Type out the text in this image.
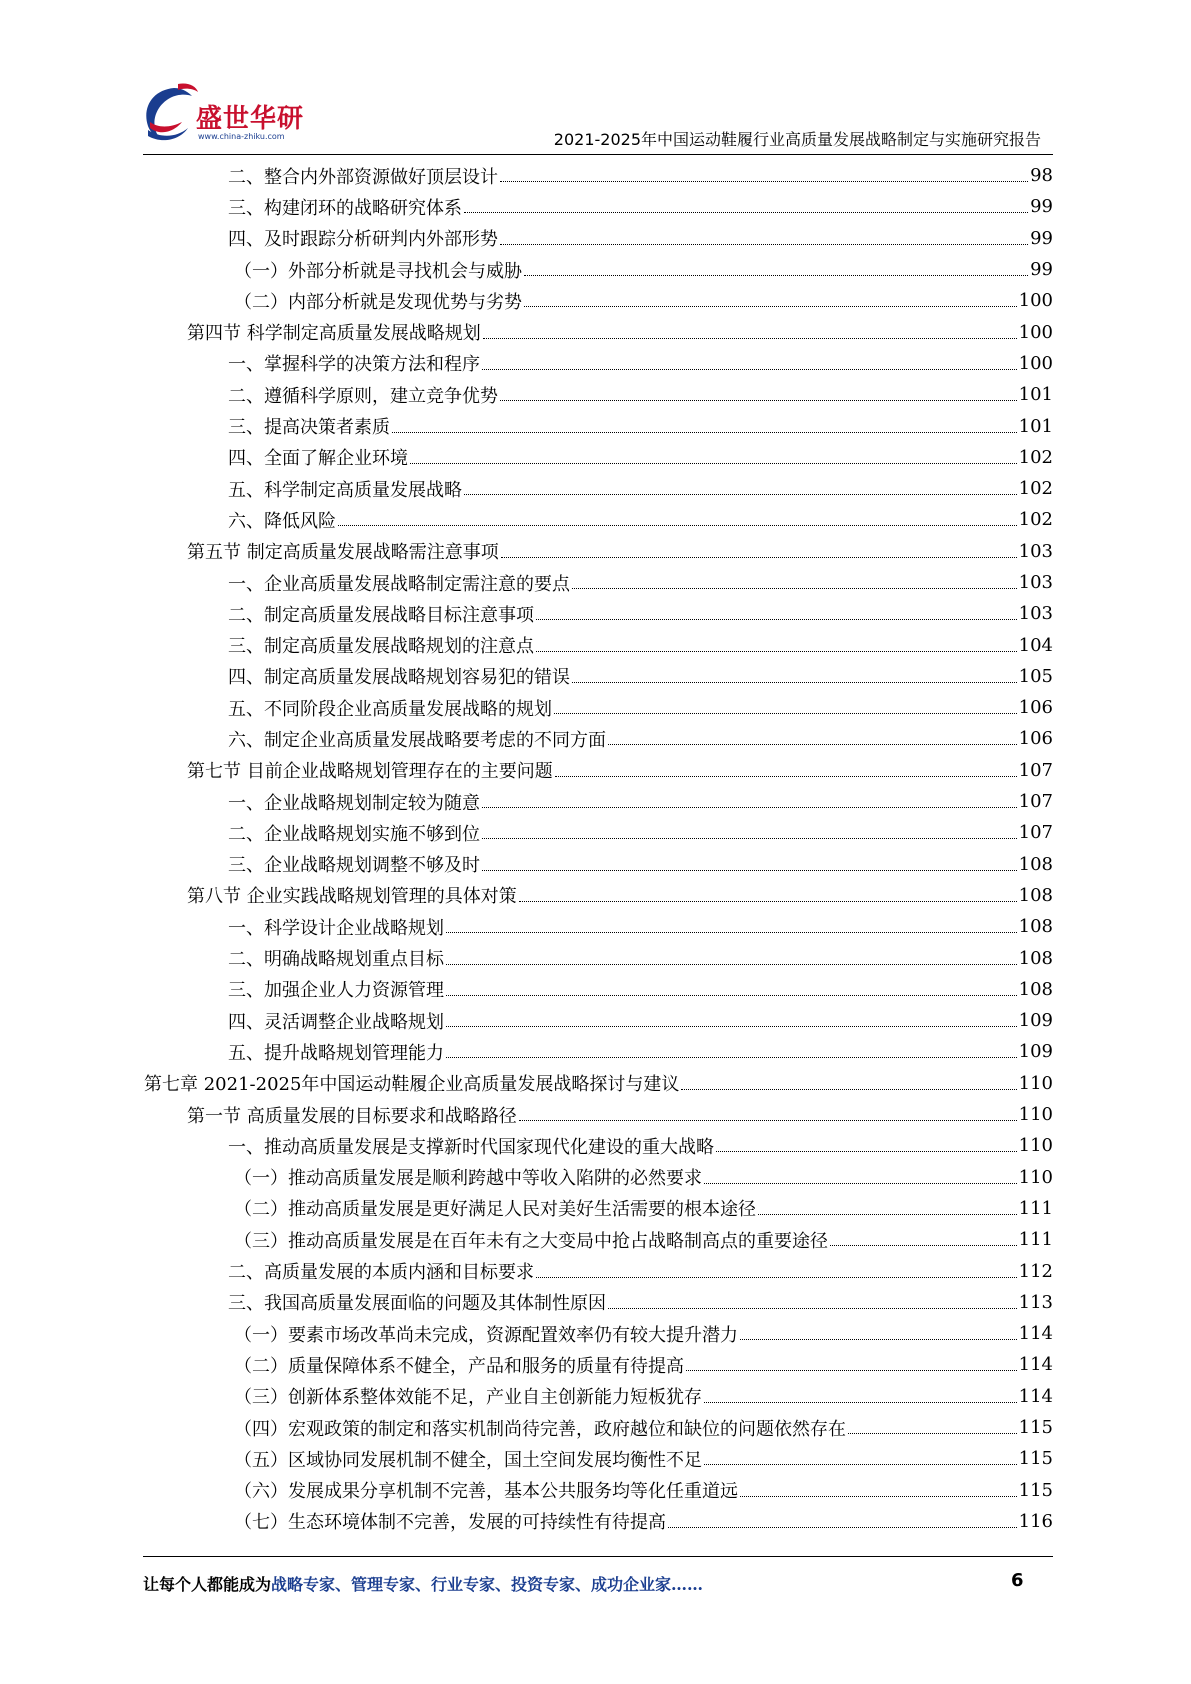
盛世华研
www.china-zhiku.com	2021-2025年中国运动鞋履行业高质量发展战略制定与实施研究报告
二、整合内外部资源做好顶层设计	98
三、构建闭环的战略研究体系	99
四、及时跟踪分析研判内外部形势	99
（一）外部分析就是寻找机会与威胁	99
（二）内部分析就是发现优势与劣势	100
第四节 科学制定高质量发展战略规划	100
一、掌握科学的决策方法和程序	100
二、遵循科学原则，建立竞争优势	101
三、提高决策者素质	101
四、全面了解企业环境	102
五、科学制定高质量发展战略	102
六、降低风险	102
第五节 制定高质量发展战略需注意事项	103
一、企业高质量发展战略制定需注意的要点	103
二、制定高质量发展战略目标注意事项	103
三、制定高质量发展战略规划的注意点	104
四、制定高质量发展战略规划容易犯的错误	105
五、不同阶段企业高质量发展战略的规划	106
六、制定企业高质量发展战略要考虑的不同方面	106
第七节 目前企业战略规划管理存在的主要问题	107
一、企业战略规划制定较为随意	107
二、企业战略规划实施不够到位	107
三、企业战略规划调整不够及时	108
第八节 企业实践战略规划管理的具体对策	108
一、科学设计企业战略规划	108
二、明确战略规划重点目标	108
三、加强企业人力资源管理	108
四、灵活调整企业战略规划	109
五、提升战略规划管理能力	109
第七章 2021-2025年中国运动鞋履企业高质量发展战略探讨与建议	110
第一节 高质量发展的目标要求和战略路径	110
一、推动高质量发展是支撑新时代国家现代化建设的重大战略	110
（一）推动高质量发展是顺利跨越中等收入陷阱的必然要求	110
（二）推动高质量发展是更好满足人民对美好生活需要的根本途径	111
（三）推动高质量发展是在百年未有之大变局中抢占战略制高点的重要途径	111
二、高质量发展的本质内涵和目标要求	112
三、我国高质量发展面临的问题及其体制性原因	113
（一）要素市场改革尚未完成，资源配置效率仍有较大提升潜力	114
（二）质量保障体系不健全，产品和服务的质量有待提高	114
（三）创新体系整体效能不足，产业自主创新能力短板犹存	114
（四）宏观政策的制定和落实机制尚待完善，政府越位和缺位的问题依然存在	115
（五）区域协同发展机制不健全，国土空间发展均衡性不足	115
（六）发展成果分享机制不完善，基本公共服务均等化任重道远	115
（七）生态环境体制不完善，发展的可持续性有待提高	116
让每个人都能成为战略专家、管理专家、行业专家、投资专家、成功企业家……	6
